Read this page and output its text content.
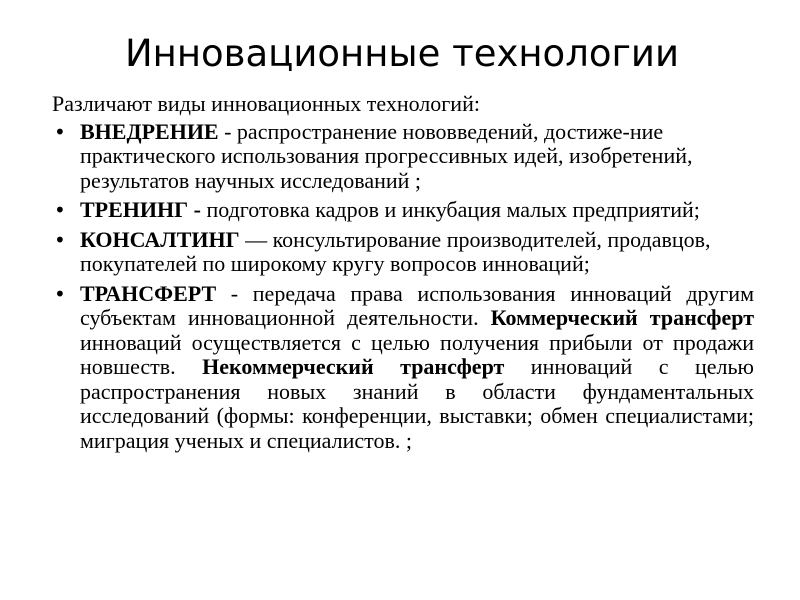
Инновационные технологии

Различают виды инновационных технологий:

• ВНЕДРЕНИЕ - распространение нововведений, достиже-ние практического использования прогрессивных идей, изобретений, результатов научных исследований ;
• ТРЕНИНГ - подготовка кадров и инкубация малых предприятий;
• КОНСАЛТИНГ — консультирование производителей, продавцов, покупателей по широкому кругу вопросов инноваций;
• ТРАНСФЕРТ - передача права использования инноваций другим субъектам инновационной деятельности. Коммерческий трансферт инноваций осуществляется с целью получения прибыли от продажи новшеств. Некоммерческий трансферт инноваций с целью распространения новых знаний в области фундаментальных исследований (формы: конференции, выставки; обмен специалистами; миграция ученых и специалистов. ;
